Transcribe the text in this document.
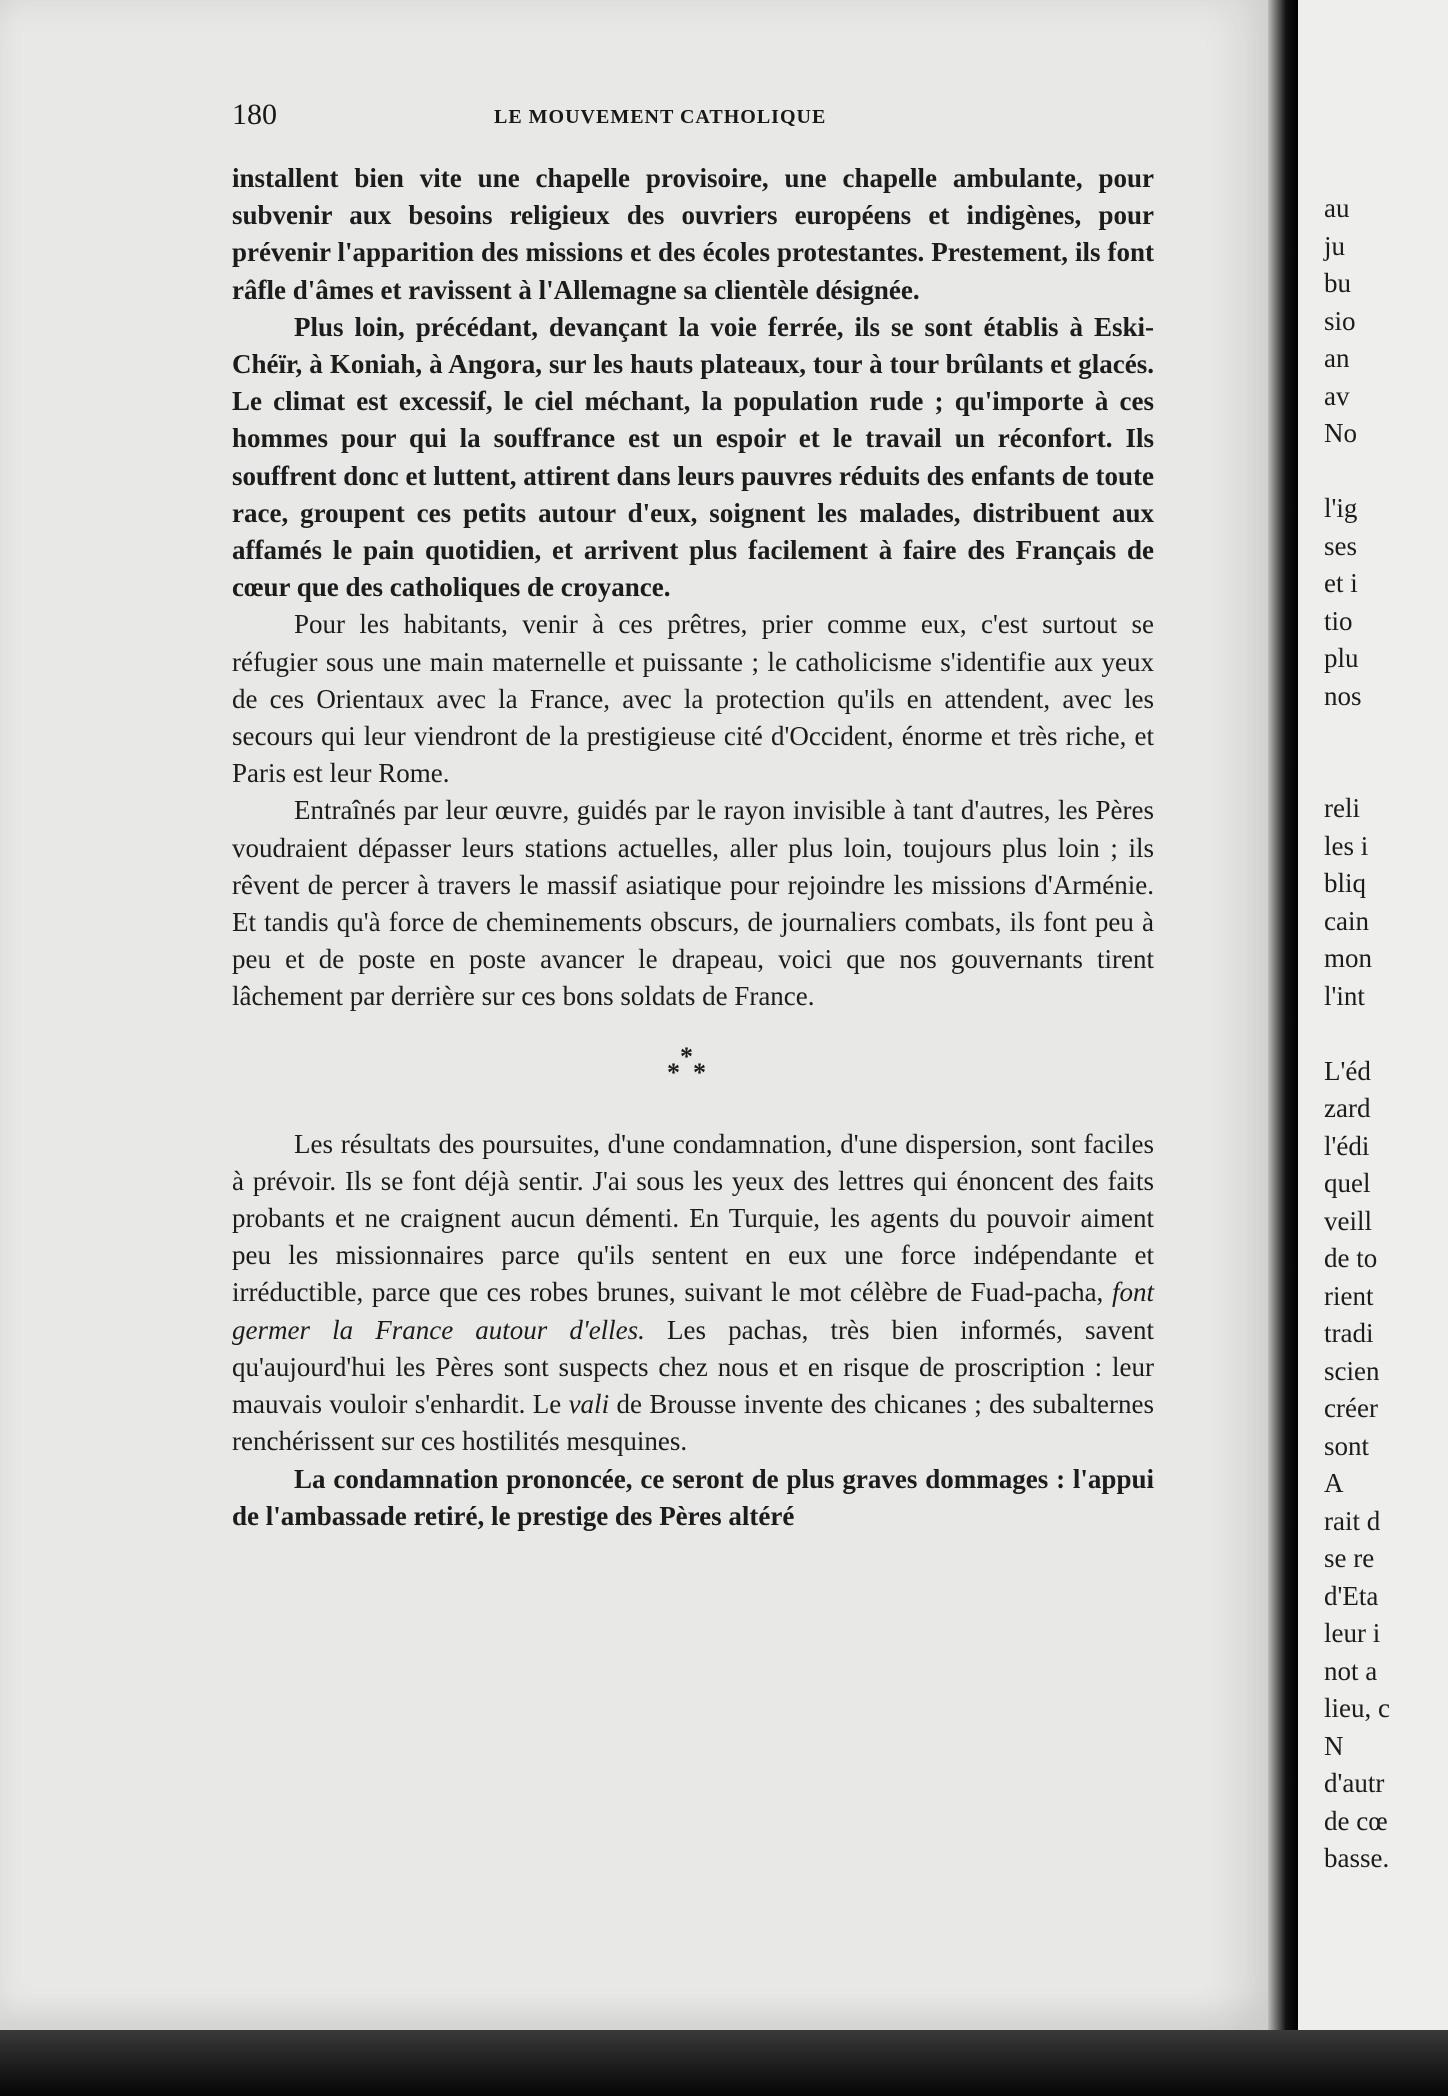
180	LE MOUVEMENT CATHOLIQUE

installent bien vite une chapelle provisoire, une chapelle ambulante, pour subvenir aux besoins religieux des ouvriers européens et indigènes, pour prévenir l'apparition des missions et des écoles protestantes. Prestement, ils font râfle d'âmes et ravissent à l'Allemagne sa clientèle désignée.

Plus loin, précédant, devançant la voie ferrée, ils se sont établis à Eski-Chéïr, à Koniah, à Angora, sur les hauts plateaux, tour à tour brûlants et glacés. Le climat est excessif, le ciel méchant, la population rude ; qu'importe à ces hommes pour qui la souffrance est un espoir et le travail un réconfort. Ils souffrent donc et luttent, attirent dans leurs pauvres réduits des enfants de toute race, groupent ces petits autour d'eux, soignent les malades, distribuent aux affamés le pain quotidien, et arrivent plus facilement à faire des Français de cœur que des catholiques de croyance.

Pour les habitants, venir à ces prêtres, prier comme eux, c'est surtout se réfugier sous une main maternelle et puissante ; le catholicisme s'identifie aux yeux de ces Orientaux avec la France, avec la protection qu'ils en attendent, avec les secours qui leur viendront de la prestigieuse cité d'Occident, énorme et très riche, et Paris est leur Rome.

Entraînés par leur œuvre, guidés par le rayon invisible à tant d'autres, les Pères voudraient dépasser leurs stations actuelles, aller plus loin, toujours plus loin ; ils rêvent de percer à travers le massif asiatique pour rejoindre les missions d'Arménie. Et tandis qu'à force de cheminements obscurs, de journaliers combats, ils font peu à peu et de poste en poste avancer le drapeau, voici que nos gouvernants tirent lâchement par derrière sur ces bons soldats de France.

*
* *

Les résultats des poursuites, d'une condamnation, d'une dispersion, sont faciles à prévoir. Ils se font déjà sentir. J'ai sous les yeux des lettres qui énoncent des faits probants et ne craignent aucun démenti. En Turquie, les agents du pouvoir aiment peu les missionnaires parce qu'ils sentent en eux une force indépendante et irréductible, parce que ces robes brunes, suivant le mot célèbre de Fuad-pacha, font germer la France autour d'elles. Les pachas, très bien informés, savent qu'aujourd'hui les Pères sont suspects chez nous et en risque de proscription : leur mauvais vouloir s'enhardit. Le vali de Brousse invente des chicanes ; des subalternes renchérissent sur ces hostilités mesquines.

La condamnation prononcée, ce seront de plus graves dommages : l'appui de l'ambassade retiré, le prestige des Pères altéré

au
ju
bu
sio
an
av
No
l'ig
ses
et i
tio
plu
nos
reli
les i
bliq
cain
mon
l'int
L'éd
zard
l'édi
quel
veill
de to
rient
tradi
scien
créer
sont
A
rait d
se re
d'Eta
leur i
not a
lieu, c
N
d'autr
de cœ
basse.
